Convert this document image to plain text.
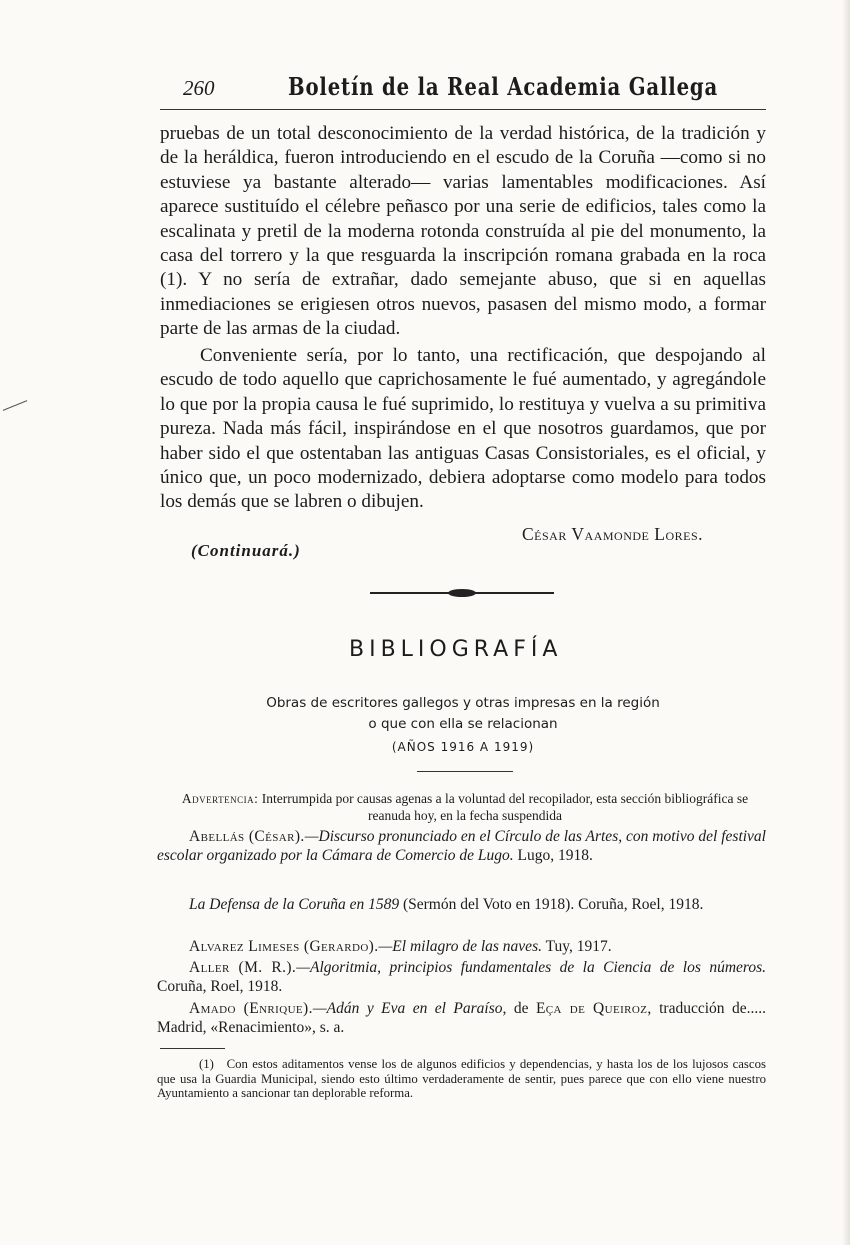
260	Boletín de la Real Academia Gallega

pruebas de un total desconocimiento de la verdad histórica, de la tradición y de la heráldica, fueron introduciendo en el escudo de la Coruña —como si no estuviese ya bastante alterado— varias lamentables modificaciones. Así aparece sustituído el célebre peñasco por una serie de edificios, tales como la escalinata y pretil de la moderna rotonda construída al pie del monumento, la casa del torrero y la que resguarda la inscripción romana grabada en la roca (1). Y no sería de extrañar, dado semejante abuso, que si en aquellas inmediaciones se erigiesen otros nuevos, pasasen del mismo modo, a formar parte de las armas de la ciudad.

Conveniente sería, por lo tanto, una rectificación, que despojando al escudo de todo aquello que caprichosamente le fué aumentado, y agregándole lo que por la propia causa le fué suprimido, lo restituya y vuelva a su primitiva pureza. Nada más fácil, inspirándose en el que nosotros guardamos, que por haber sido el que ostentaban las antiguas Casas Consistoriales, es el oficial, y único que, un poco modernizado, debiera adoptarse como modelo para todos los demás que se labren o dibujen.

César Vaamonde Lores.
(Continuará.)
BIBLIOGRAFÍA
Obras de escritores gallegos y otras impresas en la región
o que con ella se relacionan
(AÑOS 1916 A 1919)

Advertencia: Interrumpida por causas agenas a la voluntad del recopilador, esta sección bibliográfica se reanuda hoy, en la fecha suspendida

Abellás (César).—Discurso pronunciado en el Círculo de las Artes, con motivo del festival escolar organizado por la Cámara de Comercio de Lugo. Lugo, 1918.

La Defensa de la Coruña en 1589 (Sermón del Voto en 1918). Coruña, Roel, 1918.

Alvarez Limeses (Gerardo).—El milagro de las naves. Tuy, 1917.

Aller (M. R.).—Algoritmia, principios fundamentales de la Ciencia de los números. Coruña, Roel, 1918.

Amado (Enrique).—Adán y Eva en el Paraíso, de Eça de Queiroz, traducción de..... Madrid, «Renacimiento», s. a.

(1) Con estos aditamentos vense los de algunos edificios y dependencias, y hasta los de los lujosos cascos que usa la Guardia Municipal, siendo esto último verdaderamente de sentir, pues parece que con ello viene nuestro Ayuntamiento a sancionar tan deplorable reforma.
